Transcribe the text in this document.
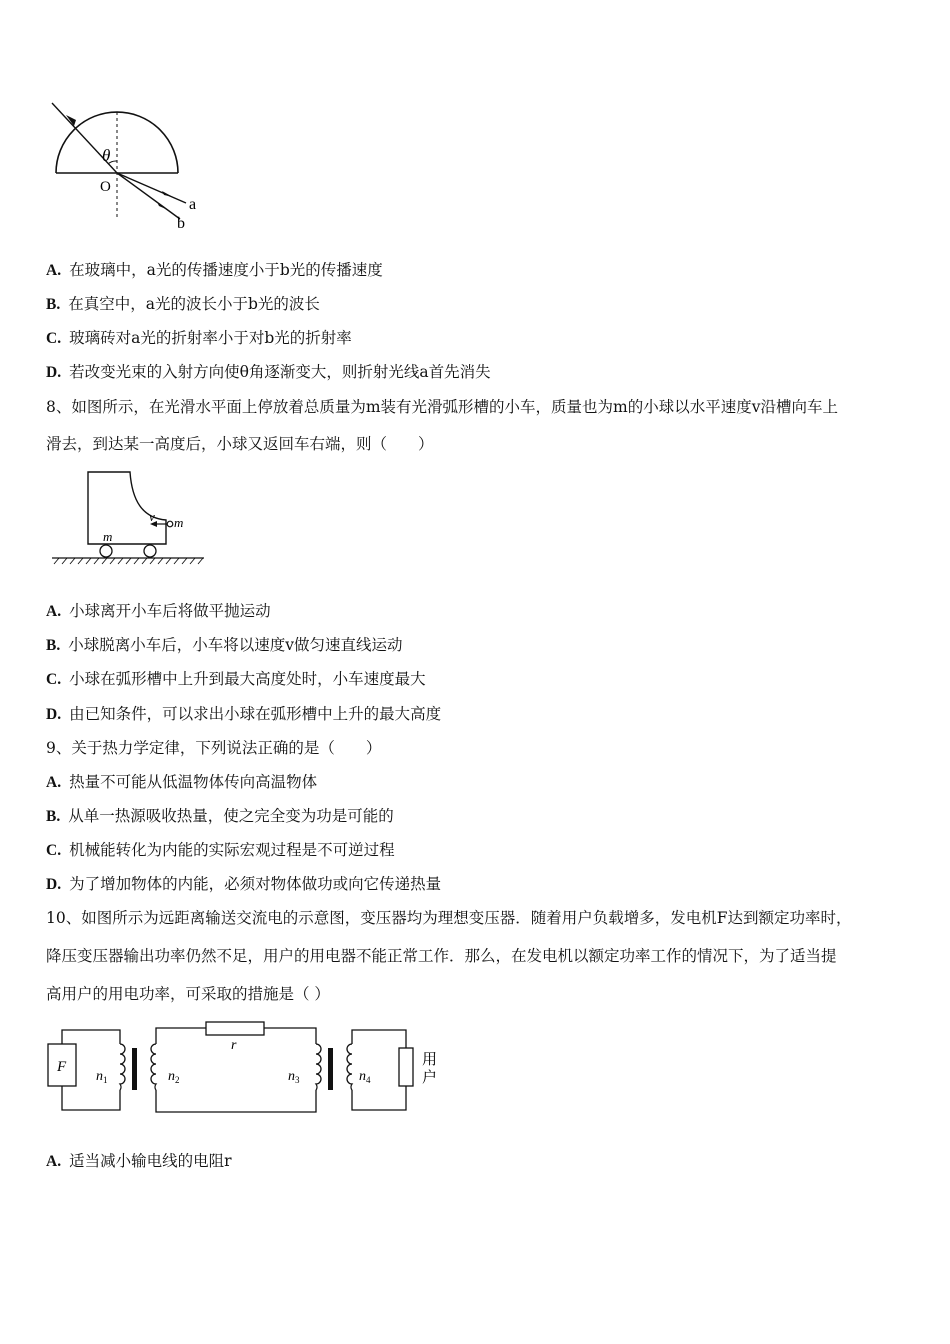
θ
O
a
b
A. 在玻璃中，a光的传播速度小于b光的传播速度
B. 在真空中，a光的波长小于b光的波长
C. 玻璃砖对a光的折射率小于对b光的折射率
D. 若改变光束的入射方向使θ角逐渐变大，则折射光线a首先消失
8、如图所示，在光滑水平面上停放着总质量为m装有光滑弧形槽的小车，质量也为m的小球以水平速度v沿槽向车上
滑去，到达某一高度后，小球又返回车右端，则（　　）
m
v m
A. 小球离开小车后将做平抛运动
B. 小球脱离小车后，小车将以速度v做匀速直线运动
C. 小球在弧形槽中上升到最大高度处时，小车速度最大
D. 由已知条件，可以求出小球在弧形槽中上升的最大高度
9、关于热力学定律，下列说法正确的是（　　）
A. 热量不可能从低温物体传向高温物体
B. 从单一热源吸收热量，使之完全变为功是可能的
C. 机械能转化为内能的实际宏观过程是不可逆过程
D. 为了增加物体的内能，必须对物体做功或向它传递热量
10、如图所示为远距离输送交流电的示意图，变压器均为理想变压器．随着用户负载增多，发电机F达到额定功率时，
降压变压器输出功率仍然不足，用户的用电器不能正常工作．那么，在发电机以额定功率工作的情况下，为了适当提
高用户的用电功率，可采取的措施是（ ）
F
$n_1$	$n_2$
r
$n_3$	$n_4$
用
户
A. 适当减小输电线的电阻r
